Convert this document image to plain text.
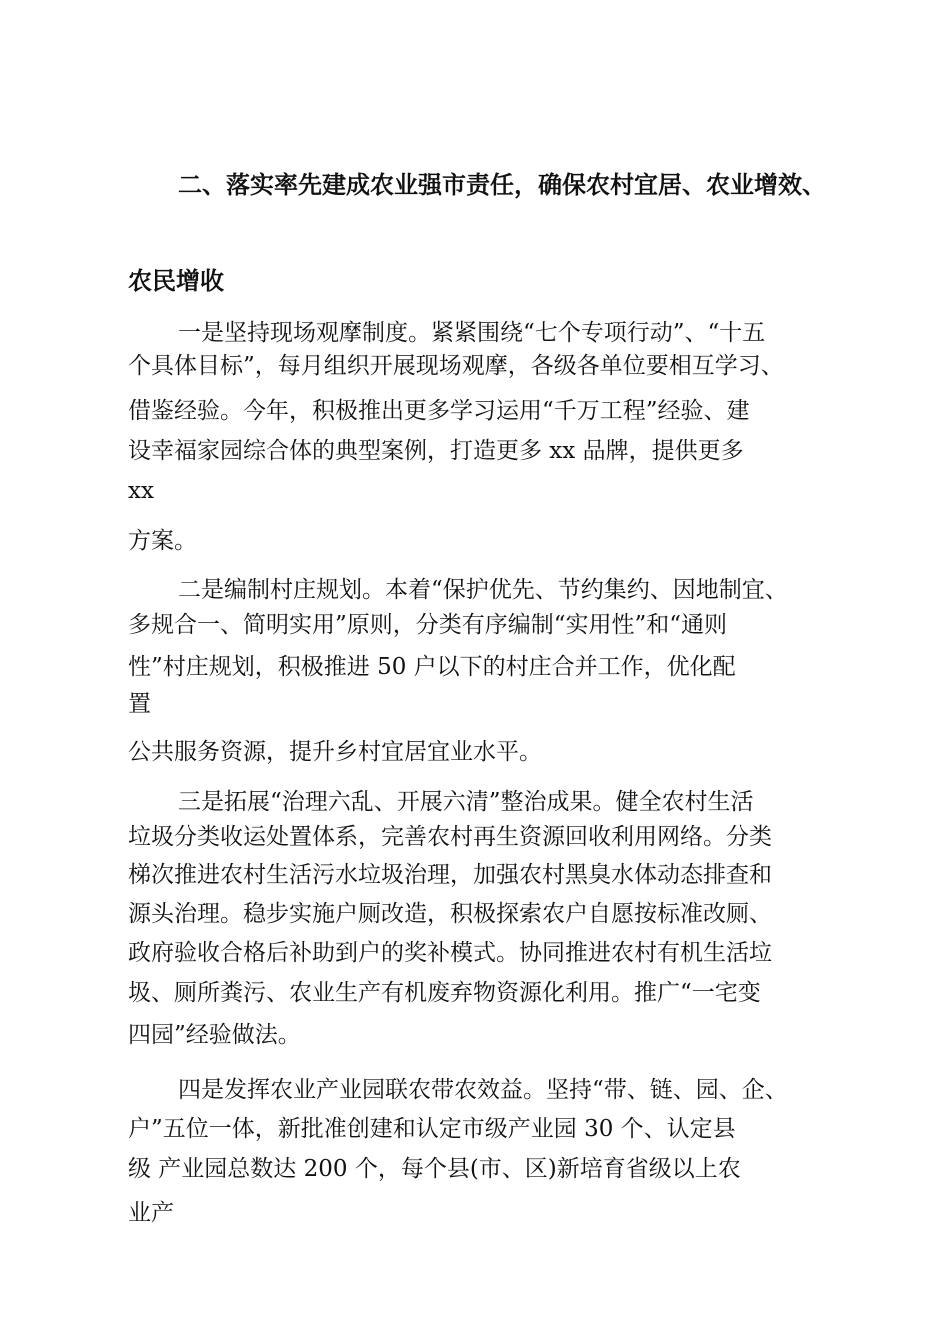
二、落实率先建成农业强市责任，确保农村宜居、农业增效、
农民增收
一是坚持现场观摩制度。紧紧围绕“七个专项行动”、“十五
个具体目标”，每月组织开展现场观摩，各级各单位要相互学习、
借鉴经验。今年，积极推出更多学习运用“千万工程”经验、建
设幸福家园综合体的典型案例，打造更多 xx 品牌，提供更多
xx
方案。
二是编制村庄规划。本着“保护优先、节约集约、因地制宜、
多规合一、简明实用”原则，分类有序编制“实用性”和“通则
性”村庄规划，积极推进 50 户以下的村庄合并工作，优化配
置
公共服务资源，提升乡村宜居宜业水平。
三是拓展“治理六乱、开展六清”整治成果。健全农村生活
垃圾分类收运处置体系，完善农村再生资源回收利用网络。分类
梯次推进农村生活污水垃圾治理，加强农村黑臭水体动态排查和
源头治理。稳步实施户厕改造，积极探索农户自愿按标准改厕、
政府验收合格后补助到户的奖补模式。协同推进农村有机生活垃
圾、厕所粪污、农业生产有机废弃物资源化利用。推广“一宅变
四园”经验做法。
四是发挥农业产业园联农带农效益。坚持“带、链、园、企、
户”五位一体，新批准创建和认定市级产业园 30 个、认定县
级 产业园总数达 200 个，每个县(市、区)新培育省级以上农
业产
